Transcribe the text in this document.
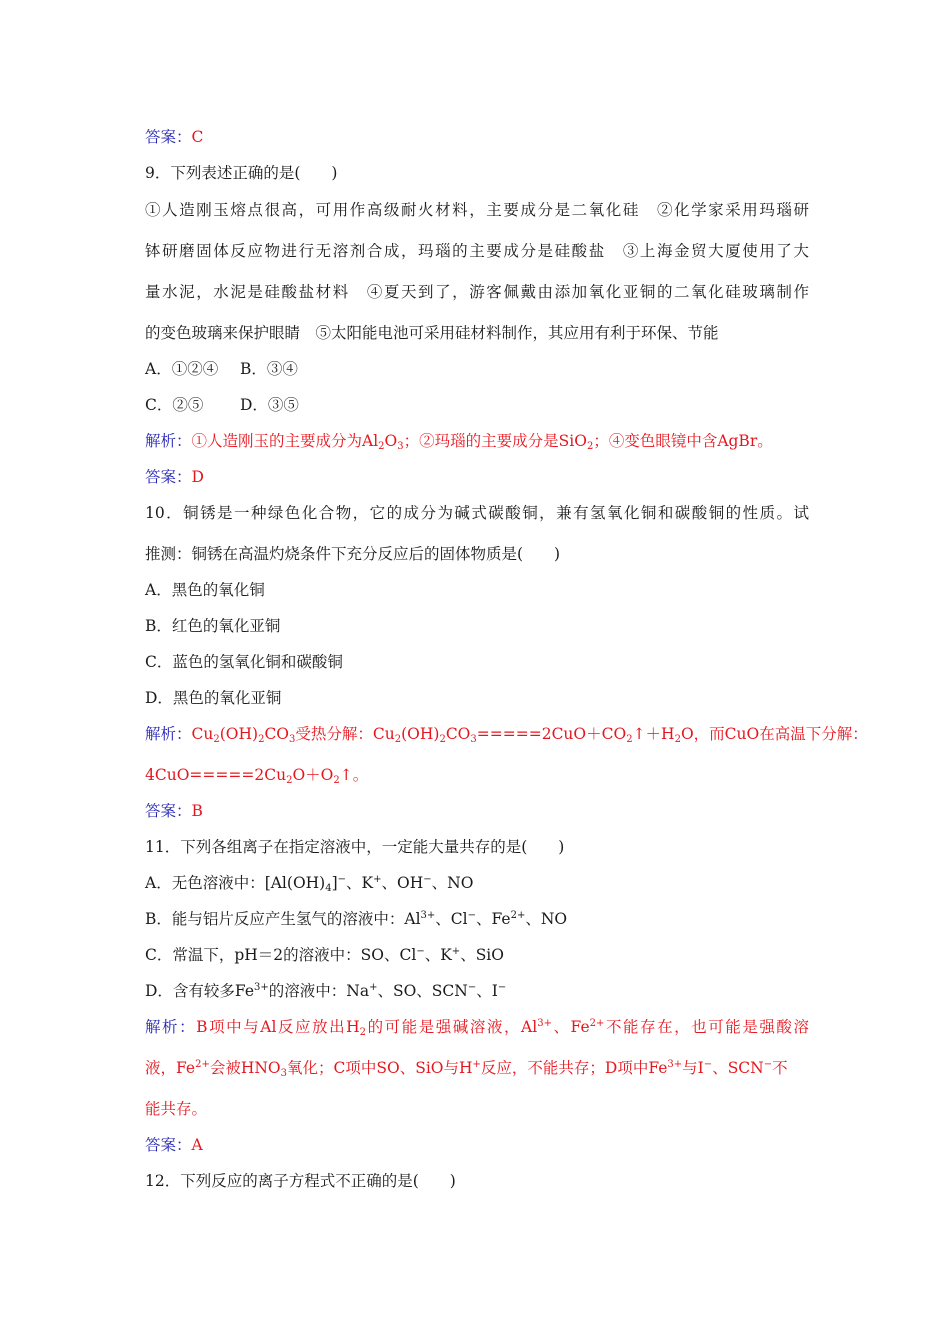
答案：C
9．下列表述正确的是(　　)
①人造刚玉熔点很高，可用作高级耐火材料，主要成分是二氧化硅　②化学家采用玛瑙研
钵研磨固体反应物进行无溶剂合成，玛瑙的主要成分是硅酸盐　③上海金贸大厦使用了大
量水泥，水泥是硅酸盐材料　④夏天到了，游客佩戴由添加氧化亚铜的二氧化硅玻璃制作
的变色玻璃来保护眼睛　⑤太阳能电池可采用硅材料制作，其应用有利于环保、节能
A．①②④ B．③④
C．②⑤ D．③⑤
解析：①人造刚玉的主要成分为$Al_2O_3$；②玛瑙的主要成分是SiO$_2$；④变色眼镜中含AgBr。
答案：D
10．铜锈是一种绿色化合物，它的成分为碱式碳酸铜，兼有氢氧化铜和碳酸铜的性质。试
推测：铜锈在高温灼烧条件下充分反应后的固体物质是(　　)
A．黑色的氧化铜
B．红色的氧化亚铜
C．蓝色的氢氧化铜和碳酸铜
D．黑色的氧化亚铜
解析：$Cu_2(OH)_2CO_3$受热分解：$Cu_2(OH)_2CO_3=====2CuO+CO_2↑+H_2O$，而CuO在高温下分解：
$4CuO=====2Cu_2O+O_2↑$。
答案：B
11．下列各组离子在指定溶液中，一定能大量共存的是(　　)
A．无色溶液中：$[Al(OH)_4]^-$、K+、OH−、NO
B．能与铝片反应产生氢气的溶液中：$Al^{3+}$、Cl−、$Fe^{2+}$、NO
C．常温下，pH＝2的溶液中：SO、Cl−、K+、SiO
D．含有较多$Fe^{3+}$的溶液中：Na+、SO、SCN−、I−
解析：B项中与Al反应放出$H_2$的可能是强碱溶液，$Al^{3+}$、$Fe^{2+}$不能存在，也可能是强酸溶
液，$Fe^{2+}$会被$HNO_3$氧化；C项中SO、SiO与H+反应，不能共存；D项中$Fe^{3+}$与I−、SCN−不
能共存。
答案：A
12．下列反应的离子方程式不正确的是(　　)
